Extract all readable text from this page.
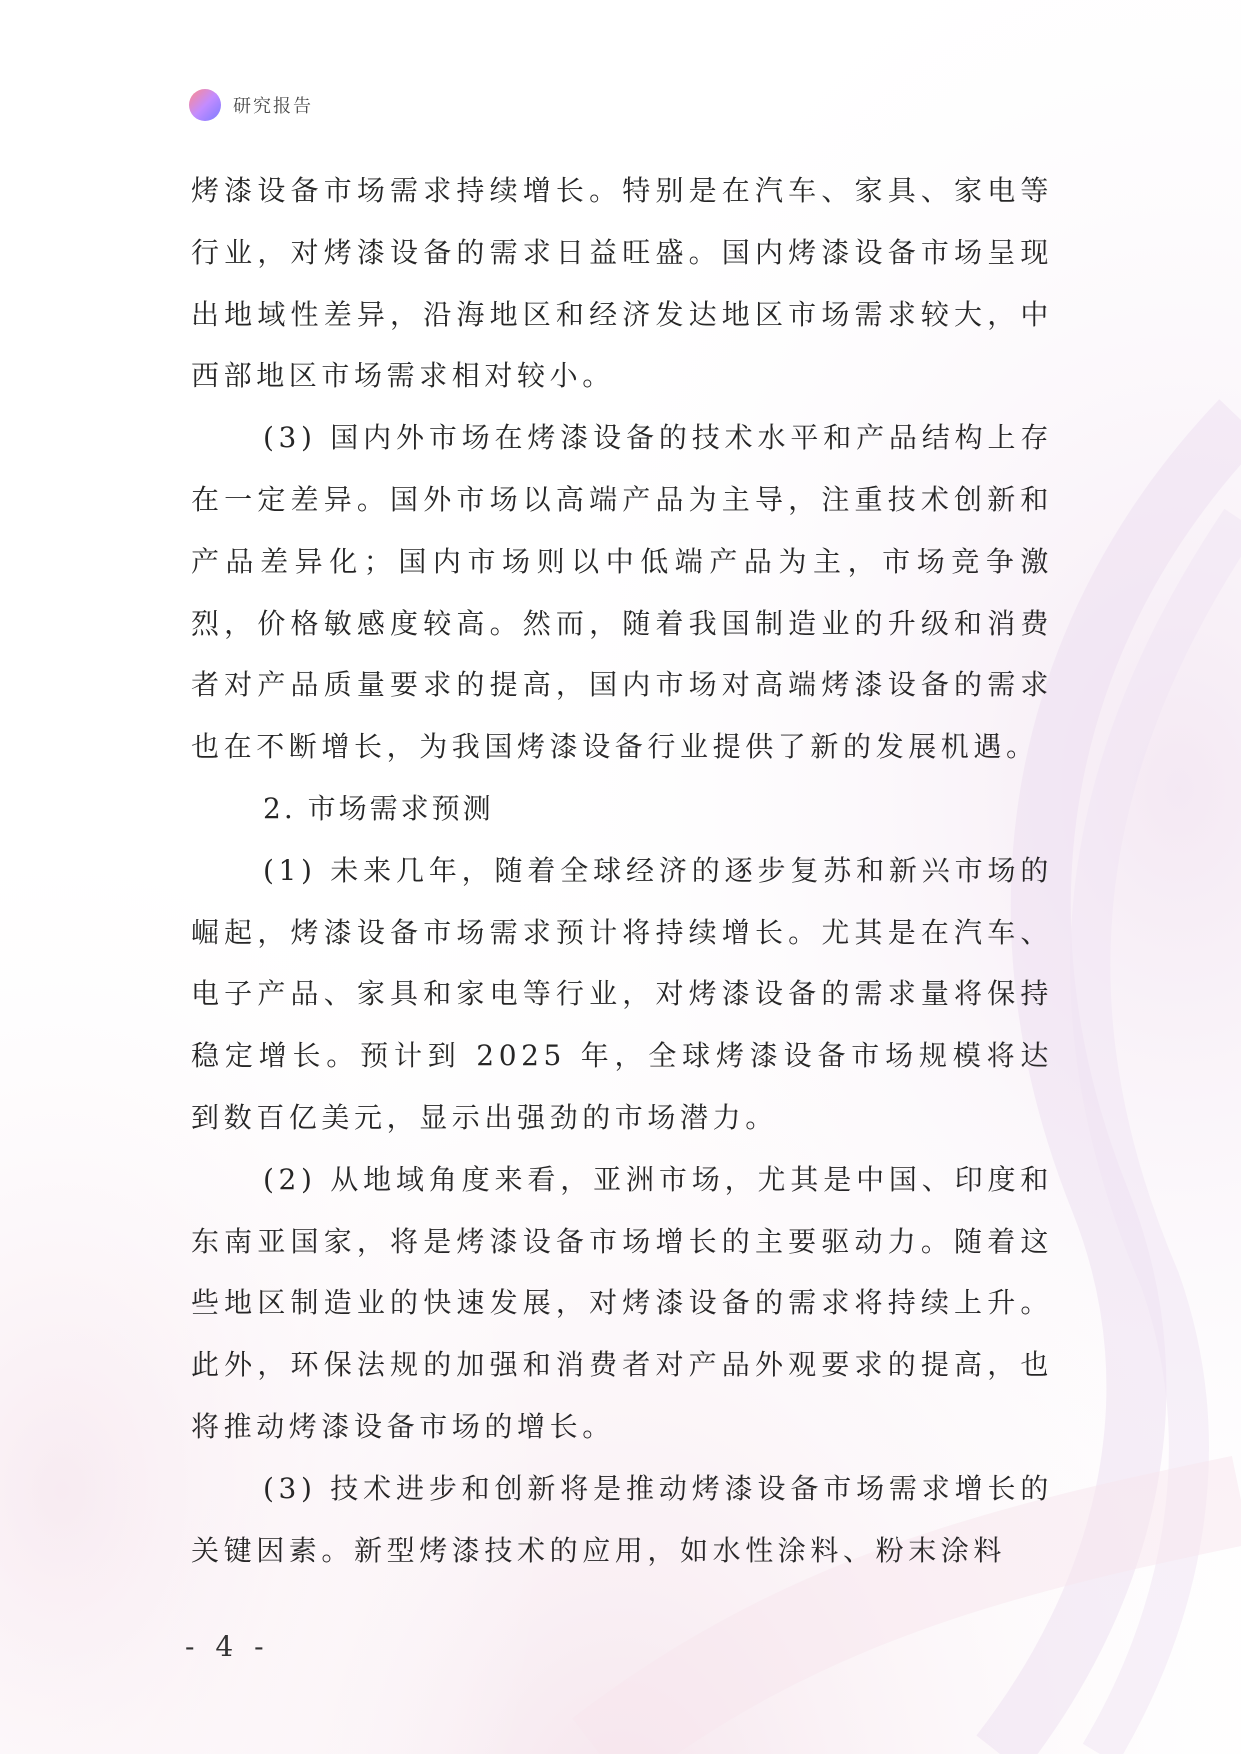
研究报告

烤漆设备市场需求持续增长。特别是在汽车、家具、家电等行业，对烤漆设备的需求日益旺盛。国内烤漆设备市场呈现出地域性差异，沿海地区和经济发达地区市场需求较大，中西部地区市场需求相对较小。

(3) 国内外市场在烤漆设备的技术水平和产品结构上存在一定差异。国外市场以高端产品为主导，注重技术创新和产品差异化；国内市场则以中低端产品为主，市场竞争激烈，价格敏感度较高。然而，随着我国制造业的升级和消费者对产品质量要求的提高，国内市场对高端烤漆设备的需求也在不断增长，为我国烤漆设备行业提供了新的发展机遇。

2. 市场需求预测

(1) 未来几年，随着全球经济的逐步复苏和新兴市场的崛起，烤漆设备市场需求预计将持续增长。尤其是在汽车、电子产品、家具和家电等行业，对烤漆设备的需求量将保持稳定增长。预计到 2025 年，全球烤漆设备市场规模将达到数百亿美元，显示出强劲的市场潜力。

(2) 从地域角度来看，亚洲市场，尤其是中国、印度和东南亚国家，将是烤漆设备市场增长的主要驱动力。随着这些地区制造业的快速发展，对烤漆设备的需求将持续上升。此外，环保法规的加强和消费者对产品外观要求的提高，也将推动烤漆设备市场的增长。

(3) 技术进步和创新将是推动烤漆设备市场需求增长的关键因素。新型烤漆技术的应用，如水性涂料、粉末涂料

- 4 -
